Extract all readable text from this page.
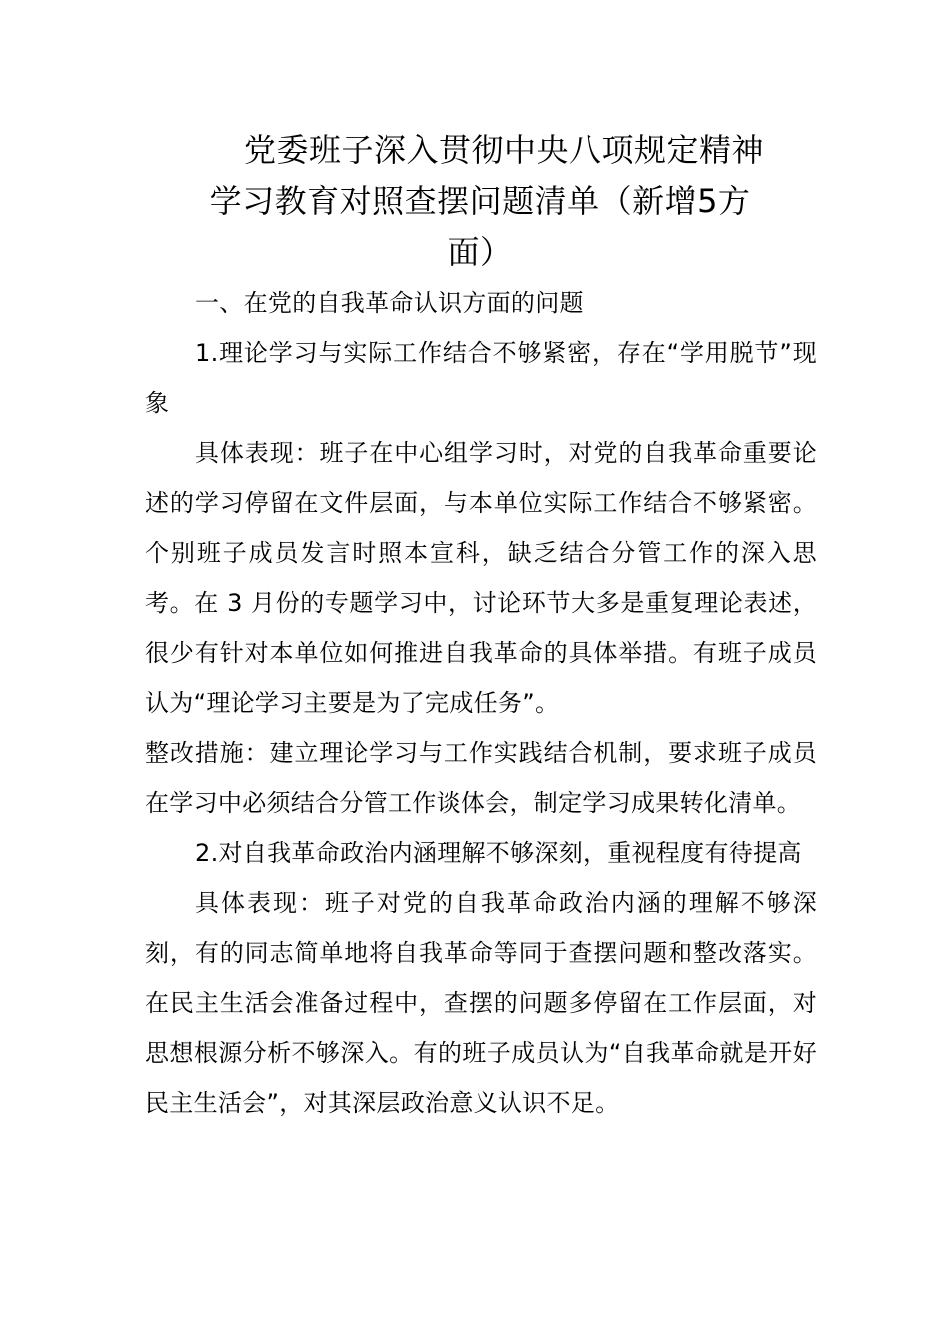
党委班子深入贯彻中央八项规定精神
学习教育对照查摆问题清单（新增5方
面）

一、在党的自我革命认识方面的问题

1.理论学习与实际工作结合不够紧密，存在“学用脱节”现象

具体表现：班子在中心组学习时，对党的自我革命重要论述的学习停留在文件层面，与本单位实际工作结合不够紧密。个别班子成员发言时照本宣科，缺乏结合分管工作的深入思考。在 3 月份的专题学习中，讨论环节大多是重复理论表述，很少有针对本单位如何推进自我革命的具体举措。有班子成员认为“理论学习主要是为了完成任务”。

整改措施：建立理论学习与工作实践结合机制，要求班子成员在学习中必须结合分管工作谈体会，制定学习成果转化清单。

2.对自我革命政治内涵理解不够深刻，重视程度有待提高

具体表现：班子对党的自我革命政治内涵的理解不够深刻，有的同志简单地将自我革命等同于查摆问题和整改落实。在民主生活会准备过程中，查摆的问题多停留在工作层面，对思想根源分析不够深入。有的班子成员认为“自我革命就是开好民主生活会”，对其深层政治意义认识不足。
